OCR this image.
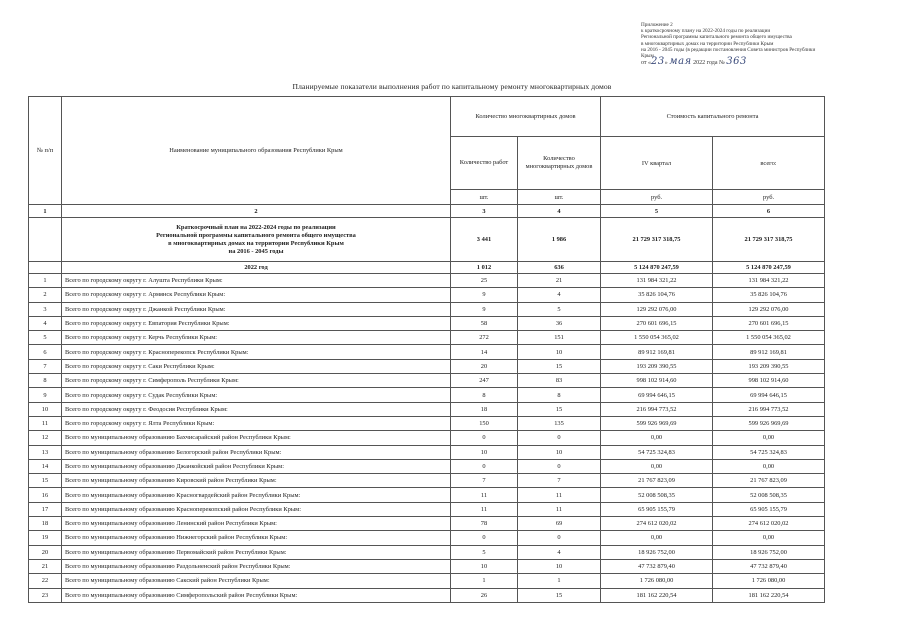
Приложение 2
к краткосрочному плану на 2022-2024 годы по реализации
Региональной программы капитального ремонта общего имущества
в многоквартирных домах на территории Республики Крым
на 2016 - 2045 годы (в редакции постановления Совета министров Республики
Крым
от «23» мая 2022 года № 363
Планируемые показатели выполнения работ по капитальному ремонту многоквартирных домов
№ п/п	Наименование муниципального образования Республики Крым	Количество многоквартирных домов		Стоимость капитального ремонта	
		Количество работ	Количество многоквартирных домов	IV квартал	всего:
		шт.	шт.	руб.	руб.
1	2	3	4	5	6

	Краткосрочный план на 2022-2024 годы по реализации
Региональной программы капитального ремонта общего имущества
в многоквартирных домах на территории Республики Крым
на 2016 - 2045 годы	3 441	1 986	21 729 317 318,75	21 729 317 318,75
	2022 год	1 012	636	5 124 870 247,59	5 124 870 247,59
1	Всего по городскому округу г. Алушта Республики Крым:	25	21	131 984 321,22	131 984 321,22
2	Всего по городскому округу г. Армянск Республики Крым:	9	4	35 826 104,76	35 826 104,76
3	Всего по городскому округу г. Джанкой Республики Крым:	9	5	129 292 076,00	129 292 076,00
4	Всего по городскому округу г. Евпатория Республики Крым:	58	36	270 601 696,15	270 601 696,15
5	Всего по городскому округу г. Керчь Республики Крым:	272	151	1 550 054 365,02	1 550 054 365,02
6	Всего по городскому округу г. Красноперекопск Республики Крым:	14	10	89 912 169,81	89 912 169,81
7	Всего по городскому округу г. Саки Республики Крым:	20	15	193 209 390,55	193 209 390,55
8	Всего по городскому округу г. Симферополь Республики Крым:	247	83	998 102 914,60	998 102 914,60
9	Всего по городскому округу г. Судак Республики Крым:	8	8	69 994 646,15	69 994 646,15
10	Всего по городскому округу г. Феодосия Республики Крым:	18	15	216 994 773,52	216 994 773,52
11	Всего по городскому округу г. Ялта Республики Крым:	150	135	599 926 969,69	599 926 969,69
12	Всего по муниципальному образованию Бахчисарайский район Республики Крым:	0	0	0,00	0,00
13	Всего по муниципальному образованию Белогорский район Республики Крым:	10	10	54 725 324,83	54 725 324,83
14	Всего по муниципальному образованию Джанкойский район Республики Крым:	0	0	0,00	0,00
15	Всего по муниципальному образованию Кировский район Республики Крым:	7	7	21 767 823,09	21 767 823,09
16	Всего по муниципальному образованию Красногвардейский район Республики Крым:	11	11	52 008 508,35	52 008 508,35
17	Всего по муниципальному образованию Красноперекопский район Республики Крым:	11	11	65 905 155,79	65 905 155,79
18	Всего по муниципальному образованию Ленинский район Республики Крым:	78	69	274 612 020,02	274 612 020,02
19	Всего по муниципальному образованию Нижнегорский район Республики Крым:	0	0	0,00	0,00
20	Всего по муниципальному образованию Первомайский район Республики Крым:	5	4	18 926 752,00	18 926 752,00
21	Всего по муниципальному образованию Раздольненский район Республики Крым:	10	10	47 732 879,40	47 732 879,40
22	Всего по муниципальному образованию Сакский район Республики Крым:	1	1	1 726 080,00	1 726 080,00
23	Всего по муниципальному образованию Симферопольский район Республики Крым:	26	15	181 162 220,54	181 162 220,54
